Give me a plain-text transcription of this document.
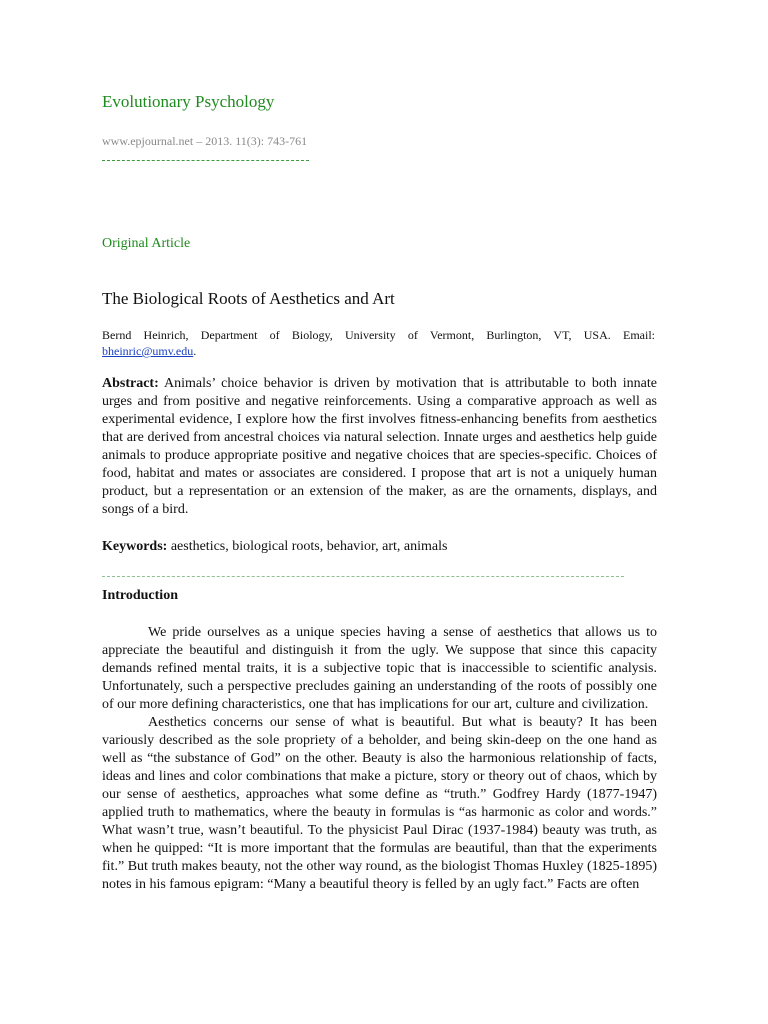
Evolutionary Psychology
www.epjournal.net – 2013. 11(3): 743-761
Original Article
The Biological Roots of Aesthetics and Art
Bernd Heinrich, Department of Biology, University of Vermont, Burlington, VT, USA. Email:
bheinric@umv.edu.
Abstract: Animals’ choice behavior is driven by motivation that is attributable to both innate urges and from positive and negative reinforcements. Using a comparative approach as well as experimental evidence, I explore how the first involves fitness-enhancing benefits from aesthetics that are derived from ancestral choices via natural selection. Innate urges and aesthetics help guide animals to produce appropriate positive and negative choices that are species-specific. Choices of food, habitat and mates or associates are considered. I propose that art is not a uniquely human product, but a representation or an extension of the maker, as are the ornaments, displays, and songs of a bird.
Keywords: aesthetics, biological roots, behavior, art, animals
Introduction

We pride ourselves as a unique species having a sense of aesthetics that allows us to appreciate the beautiful and distinguish it from the ugly. We suppose that since this capacity demands refined mental traits, it is a subjective topic that is inaccessible to scientific analysis. Unfortunately, such a perspective precludes gaining an understanding of the roots of possibly one of our more defining characteristics, one that has implications for our art, culture and civilization.

Aesthetics concerns our sense of what is beautiful. But what is beauty? It has been variously described as the sole propriety of a beholder, and being skin-deep on the one hand as well as “the substance of God” on the other. Beauty is also the harmonious relationship of facts, ideas and lines and color combinations that make a picture, story or theory out of chaos, which by our sense of aesthetics, approaches what some define as “truth.” Godfrey Hardy (1877-1947) applied truth to mathematics, where the beauty in formulas is “as harmonic as color and words.” What wasn’t true, wasn’t beautiful. To the physicist Paul Dirac (1937-1984) beauty was truth, as when he quipped: “It is more important that the formulas are beautiful, than that the experiments fit.” But truth makes beauty, not the other way round, as the biologist Thomas Huxley (1825-1895) notes in his famous epigram: “Many a beautiful theory is felled by an ugly fact.” Facts are often
